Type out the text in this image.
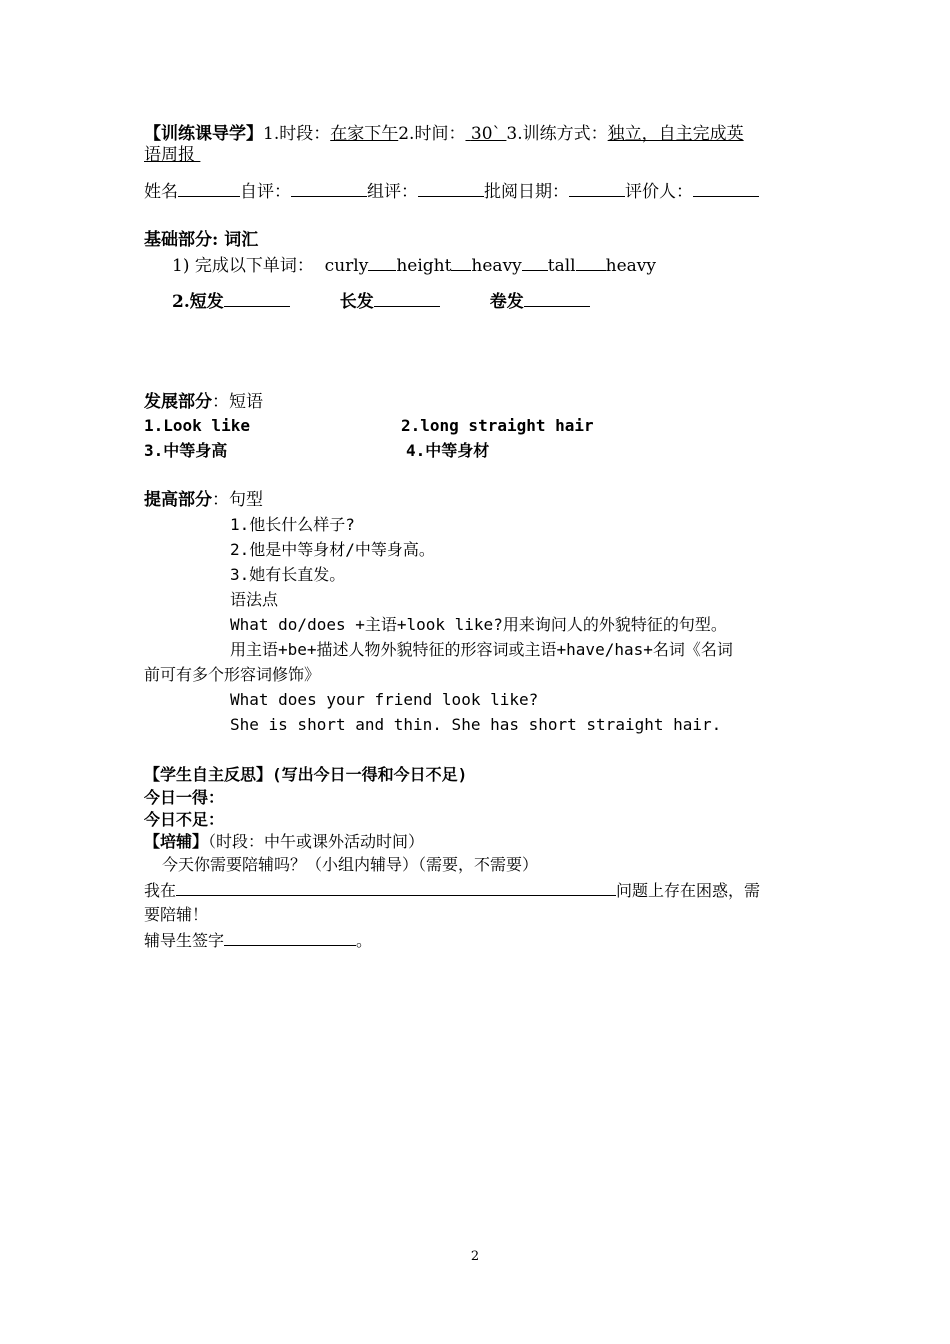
【训练课导学】1.时段：在家下午2.时间： 30` 3.训练方式：独立，自主完成英
语周报
姓名	自评：	组评：	批阅日期：	评价人：
基础部分: 词汇
1) 完成以下单词： curly height heavy tall heavy
2.短发	长发	卷发
发展部分：短语
1.Look like	2.long straight hair
3.中等身高	4.中等身材
提高部分：句型
1.他长什么样子?
2.他是中等身材/中等身高。
3.她有长直发。
语法点
What do/does +主语+look like?用来询问人的外貌特征的句型。
用主语+be+描述人物外貌特征的形容词或主语+have/has+名词《名词
前可有多个形容词修饰》
What does your friend look like?
She is short and thin. She has short straight hair.
【学生自主反思】(写出今日一得和今日不足)
今日一得：
今日不足：
【培辅】（时段：中午或课外活动时间）
今天你需要陪辅吗？（小组内辅导）（需要，不需要）
我在	问题上存在困惑，需
要陪辅！
辅导生签字	。
2
